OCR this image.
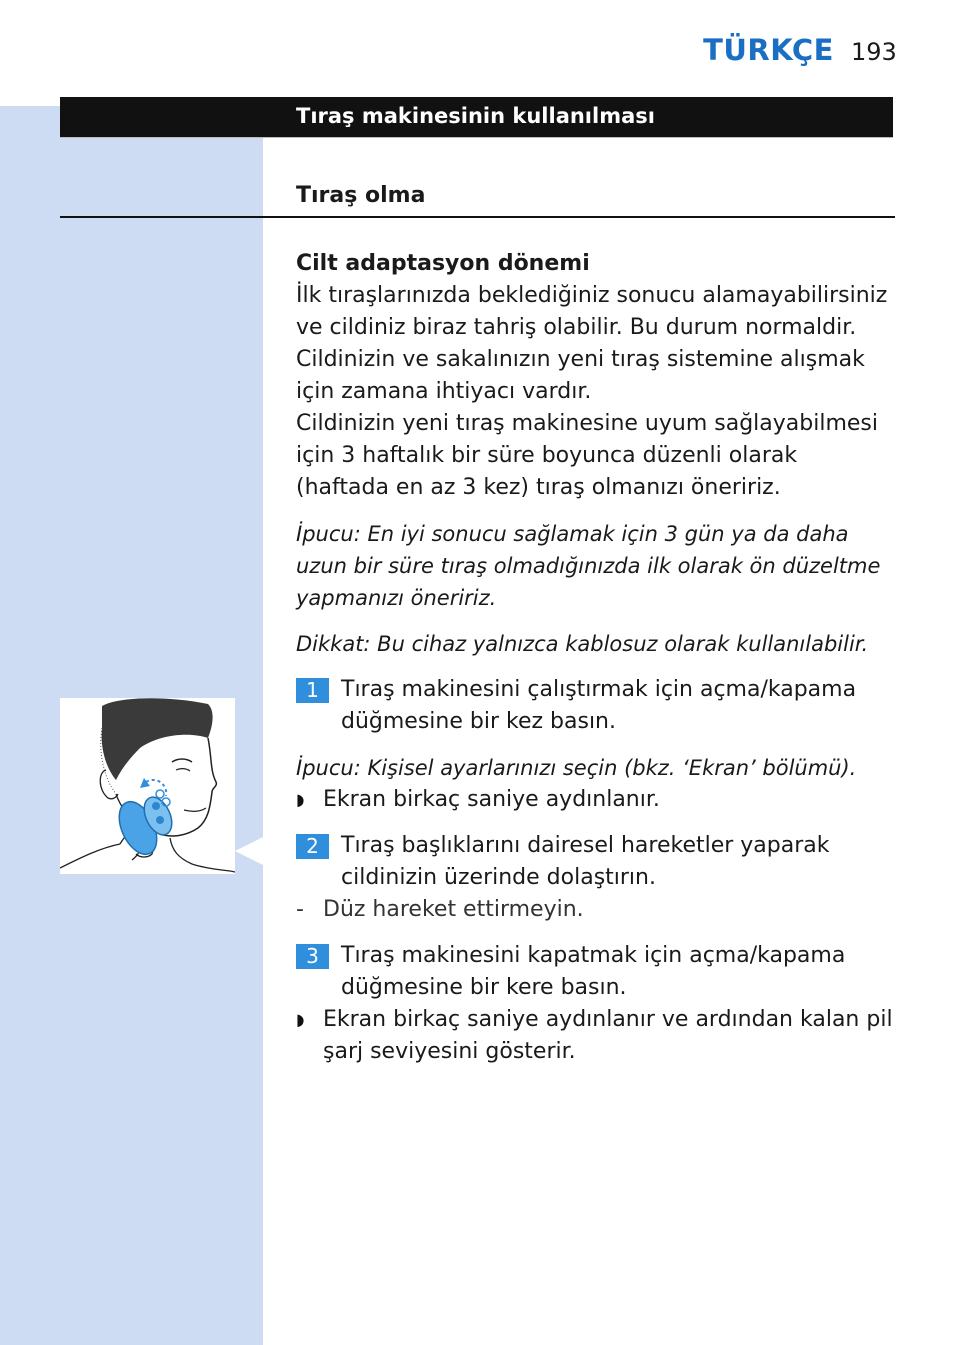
TÜRKÇE 193
Tıraş makinesinin kullanılması
Tıraş olma

Cilt adaptasyon dönemi

İlk tıraşlarınızda beklediğiniz sonucu alamayabilirsiniz ve cildiniz biraz tahriş olabilir. Bu durum normaldir. Cildinizin ve sakalınızın yeni tıraş sistemine alışmak için zamana ihtiyacı vardır.

Cildinizin yeni tıraş makinesine uyum sağlayabilmesi için 3 haftalık bir süre boyunca düzenli olarak (haftada en az 3 kez) tıraş olmanızı öneririz.

İpucu: En iyi sonucu sağlamak için 3 gün ya da daha uzun bir süre tıraş olmadığınızda ilk olarak ön düzeltme yapmanızı öneririz.

Dikkat: Bu cihaz yalnızca kablosuz olarak kullanılabilir.

1	Tıraş makinesini çalıştırmak için açma/kapama düğmesine bir kez basın.

İpucu: Kişisel ayarlarınızı seçin (bkz. ‘Ekran’ bölümü).

◗ Ekran birkaç saniye aydınlanır.
2	Tıraş başlıklarını dairesel hareketler yaparak cildinizin üzerinde dolaştırın.
- Düz hareket ettirmeyin.
3	Tıraş makinesini kapatmak için açma/kapama düğmesine bir kere basın.
◗ Ekran birkaç saniye aydınlanır ve ardından kalan pil şarj seviyesini gösterir.
